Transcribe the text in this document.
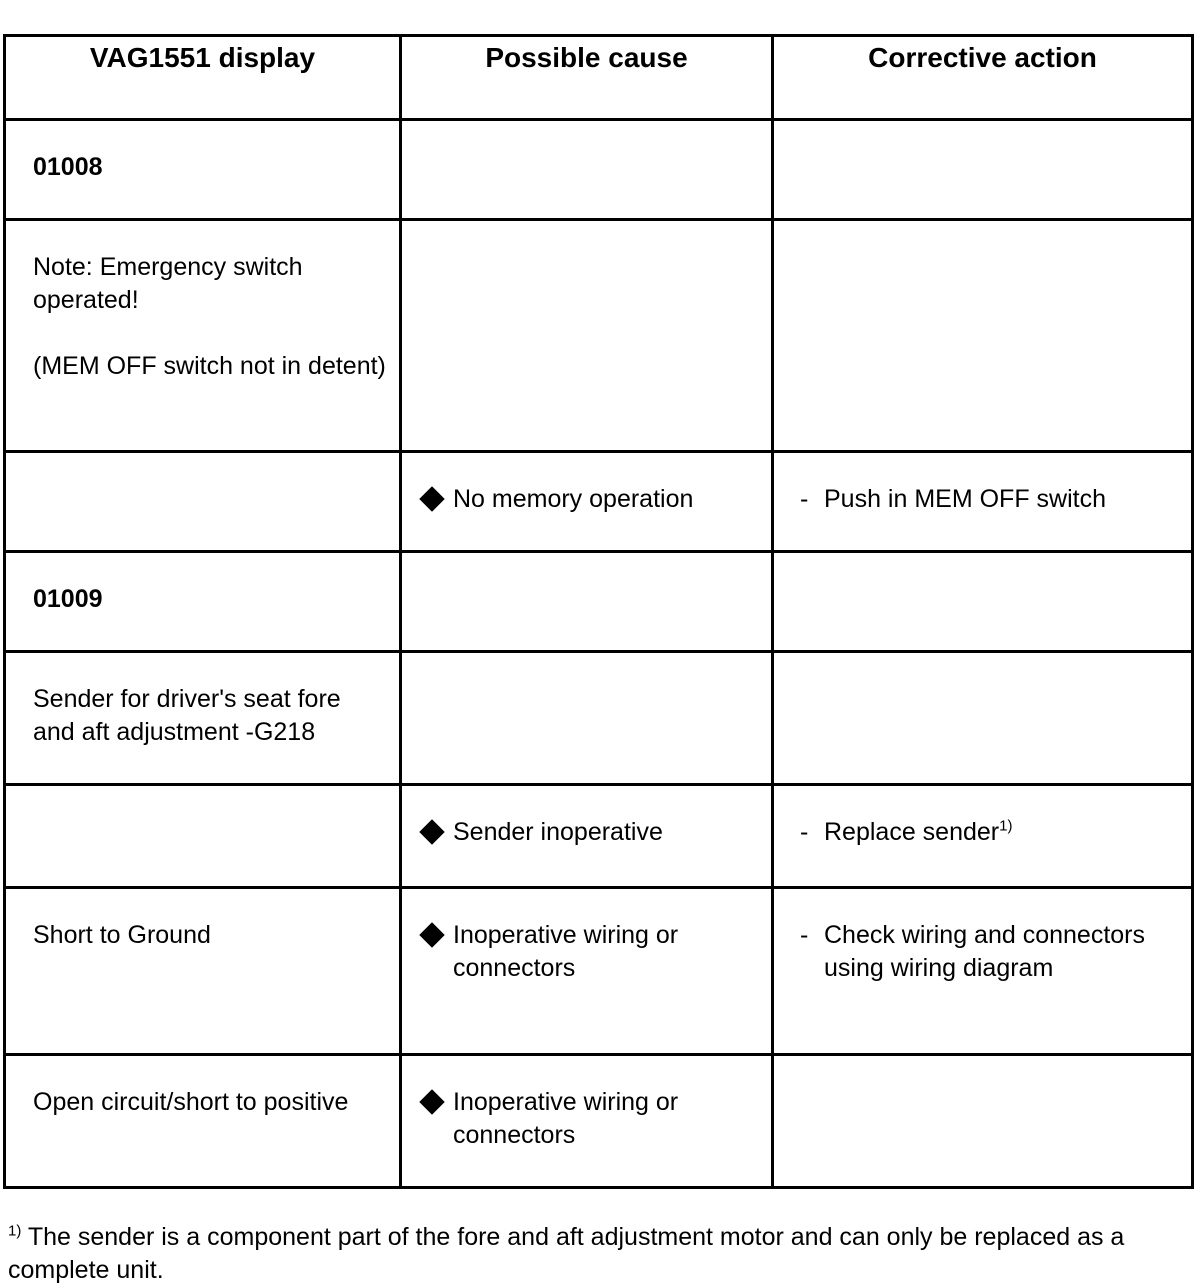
VAG1551 display	Possible cause	Corrective action

01008		

Note: Emergency switch operated!
(MEM OFF switch not in detent)		

	No memory operation	- Push in MEM OFF switch

01009		

Sender for driver's seat fore and aft adjustment -G218		

	Sender inoperative	- Replace sender$^{1)}$

Short to Ground	Inoperative wiring or connectors	- Check wiring and connectors using wiring diagram

Open circuit/short to positive	Inoperative wiring or connectors	

$^{1)}$ The sender is a component part of the fore and aft adjustment motor and can only be replaced as a complete unit.
